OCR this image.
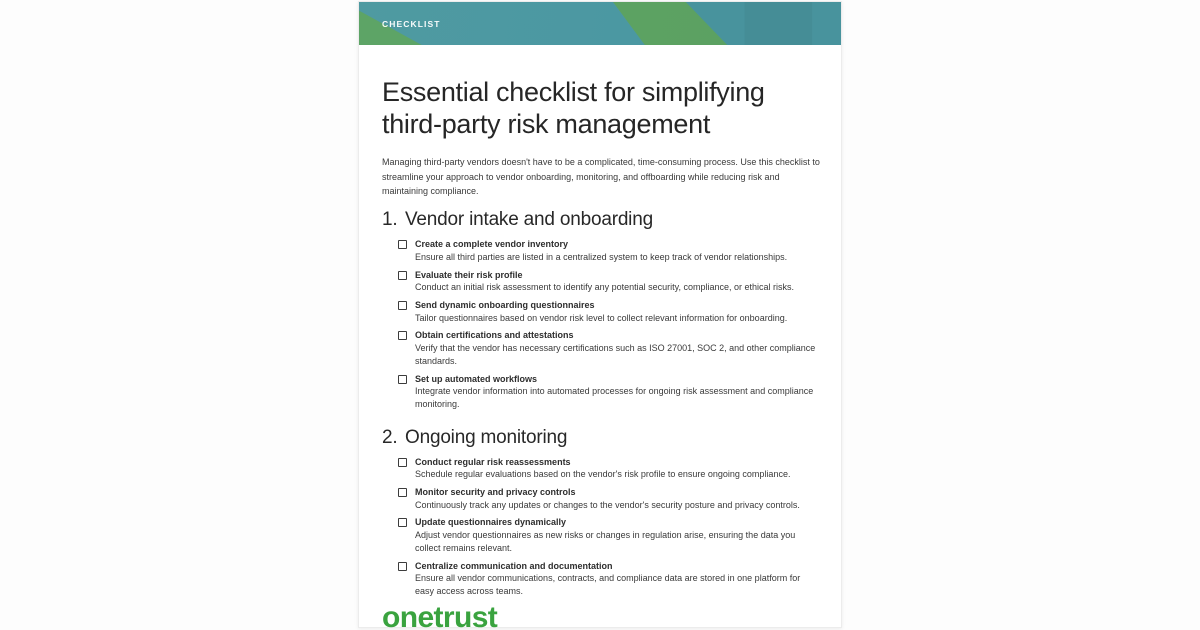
CHECKLIST
Essential checklist for simplifying
third-party risk management

Managing third-party vendors doesn't have to be a complicated, time-consuming process. Use this checklist to streamline your approach to vendor onboarding, monitoring, and offboarding while reducing risk and maintaining compliance.

1. Vendor intake and onboarding
Create a complete vendor inventory
Ensure all third parties are listed in a centralized system to keep track of vendor relationships.
Evaluate their risk profile
Conduct an initial risk assessment to identify any potential security, compliance, or ethical risks.
Send dynamic onboarding questionnaires
Tailor questionnaires based on vendor risk level to collect relevant information for onboarding.
Obtain certifications and attestations
Verify that the vendor has necessary certifications such as ISO 27001, SOC 2, and other compliance standards.
Set up automated workflows
Integrate vendor information into automated processes for ongoing risk assessment and compliance monitoring.
2. Ongoing monitoring
Conduct regular risk reassessments
Schedule regular evaluations based on the vendor's risk profile to ensure ongoing compliance.
Monitor security and privacy controls
Continuously track any updates or changes to the vendor's security posture and privacy controls.
Update questionnaires dynamically
Adjust vendor questionnaires as new risks or changes in regulation arise, ensuring the data you collect remains relevant.
Centralize communication and documentation
Ensure all vendor communications, contracts, and compliance data are stored in one platform for easy access across teams.
onetrust
